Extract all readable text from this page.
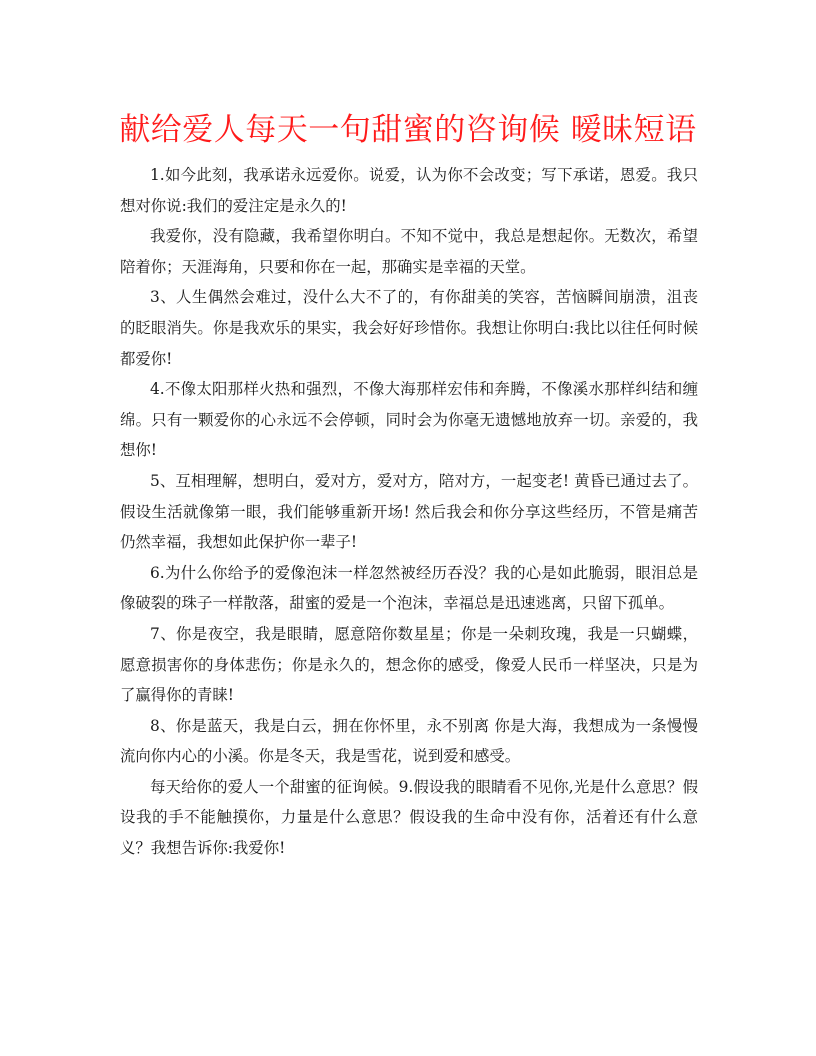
献给爱人每天一句甜蜜的咨询候 暧昧短语

1.如今此刻，我承诺永远爱你。说爱，认为你不会改变；写下承诺，恩爱。我只想对你说:我们的爱注定是永久的!

我爱你，没有隐藏，我希望你明白。不知不觉中，我总是想起你。无数次，希望陪着你；天涯海角，只要和你在一起，那确实是幸福的天堂。

3、人生偶然会难过，没什么大不了的，有你甜美的笑容，苦恼瞬间崩溃，沮丧的眨眼消失。你是我欢乐的果实，我会好好珍惜你。我想让你明白:我比以往任何时候都爱你!

4.不像太阳那样火热和强烈，不像大海那样宏伟和奔腾，不像溪水那样纠结和缠绵。只有一颗爱你的心永远不会停顿，同时会为你毫无遗憾地放弃一切。亲爱的，我想你!

5、互相理解，想明白，爱对方，爱对方，陪对方，一起变老! 黄昏已通过去了。假设生活就像第一眼，我们能够重新开场! 然后我会和你分享这些经历，不管是痛苦仍然幸福，我想如此保护你一辈子!

6.为什么你给予的爱像泡沫一样忽然被经历吞没？我的心是如此脆弱，眼泪总是像破裂的珠子一样散落，甜蜜的爱是一个泡沫，幸福总是迅速逃离，只留下孤单。

7、你是夜空，我是眼睛，愿意陪你数星星；你是一朵刺玫瑰，我是一只蝴蝶，愿意损害你的身体悲伤；你是永久的，想念你的感受，像爱人民币一样坚决，只是为了赢得你的青睐!

8、你是蓝天，我是白云，拥在你怀里，永不别离 你是大海，我想成为一条慢慢流向你内心的小溪。你是冬天，我是雪花，说到爱和感受。

每天给你的爱人一个甜蜜的征询候。9.假设我的眼睛看不见你,光是什么意思？假设我的手不能触摸你，力量是什么意思？假设我的生命中没有你，活着还有什么意义？我想告诉你:我爱你!
